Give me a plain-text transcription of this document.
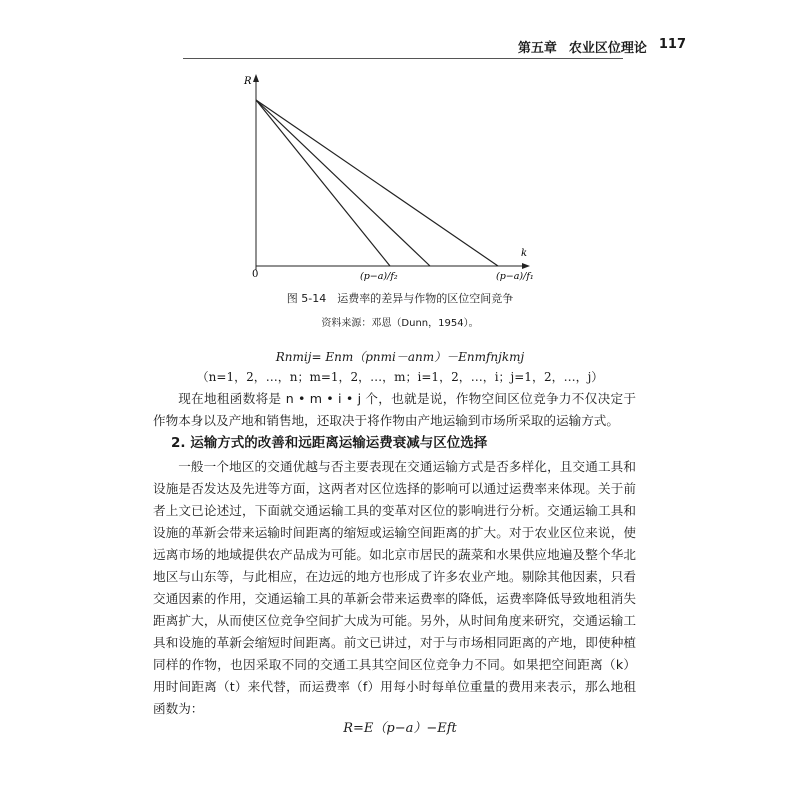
第五章 农业区位理论 117
R
k
0	(p−a)/f₂	(p−a)/f₁
图 5-14　运费率的差异与作物的区位空间竞争
资料来源：邓恩（Dunn，1954）。
Rnmij= Enm（pnmi－anm）－Enmfnjkmj
（n=1，2，…，n；m=1，2，…，m；i=1，2，…，i；j=1，2，…，j）
现在地租函数将是 n • m • i • j 个，也就是说，作物空间区位竞争力不仅决定于作物本身以及产地和销售地，还取决于将作物由产地运输到市场所采取的运输方式。
2. 运输方式的改善和远距离运输运费衰减与区位选择
一般一个地区的交通优越与否主要表现在交通运输方式是否多样化，且交通工具和设施是否发达及先进等方面，这两者对区位选择的影响可以通过运费率来体现。关于前者上文已论述过，下面就交通运输工具的变革对区位的影响进行分析。交通运输工具和设施的革新会带来运输时间距离的缩短或运输空间距离的扩大。对于农业区位来说，使远离市场的地域提供农产品成为可能。如北京市居民的蔬菜和水果供应地遍及整个华北地区与山东等，与此相应，在边远的地方也形成了许多农业产地。剔除其他因素，只看交通因素的作用，交通运输工具的革新会带来运费率的降低，运费率降低导致地租消失距离扩大，从而使区位竞争空间扩大成为可能。另外，从时间角度来研究，交通运输工具和设施的革新会缩短时间距离。前文已讲过，对于与市场相同距离的产地，即使种植同样的作物，也因采取不同的交通工具其空间区位竞争力不同。如果把空间距离（k）用时间距离（t）来代替，而运费率（f）用每小时每单位重量的费用来表示，那么地租函数为：
R=E（p−a）−Eft
